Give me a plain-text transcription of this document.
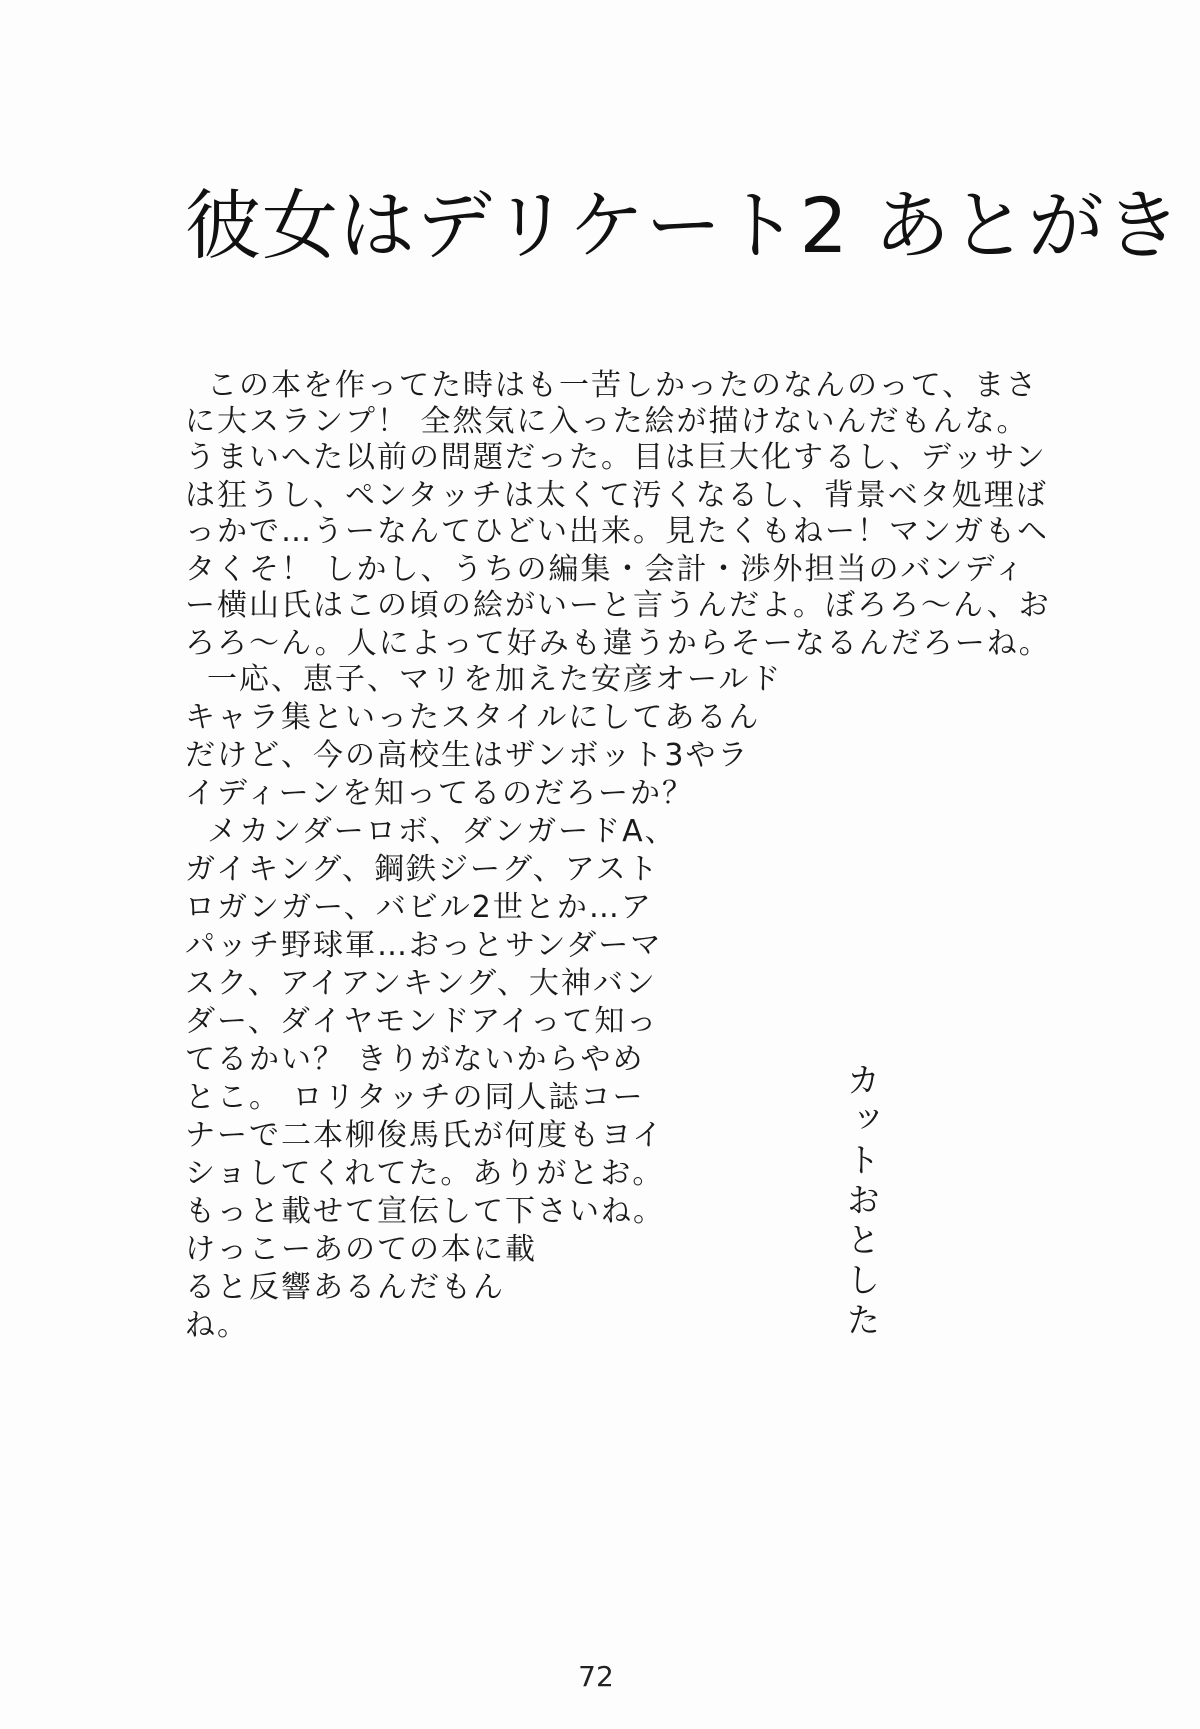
彼女はデリケート2 あとがき
この本を作ってた時はも一苦しかったのなんのって、まさ
に大スランプ！ 全然気に入った絵が描けないんだもんな。
うまいへた以前の問題だった。目は巨大化するし、デッサン
は狂うし、ペンタッチは太くて汚くなるし、背景ベタ処理ば
っかで…うーなんてひどい出来。見たくもねー！マンガもヘ
タくそ！ しかし、うちの編集・会計・渉外担当のバンディ
ー横山氏はこの頃の絵がいーと言うんだよ。ぼろろ〜ん、お
ろろ〜ん。人によって好みも違うからそーなるんだろーね。
一応、恵子、マリを加えた安彦オールド
キャラ集といったスタイルにしてあるん
だけど、今の高校生はザンボット3やラ
イディーンを知ってるのだろーか？
メカンダーロボ、ダンガードA、
ガイキング、鋼鉄ジーグ、アスト
ロガンガー、バビル2世とか…ア
パッチ野球軍…おっとサンダーマ
スク、アイアンキング、大神バン
ダー、ダイヤモンドアイって知っ
てるかい？ きりがないからやめ
とこ。 ロリタッチの同人誌コー
ナーで二本柳俊馬氏が何度もヨイ
ショしてくれてた。ありがとお。
もっと載せて宣伝して下さいね。
けっこーあのての本に載
ると反響あるんだもん
ね。	カットおとした
72
